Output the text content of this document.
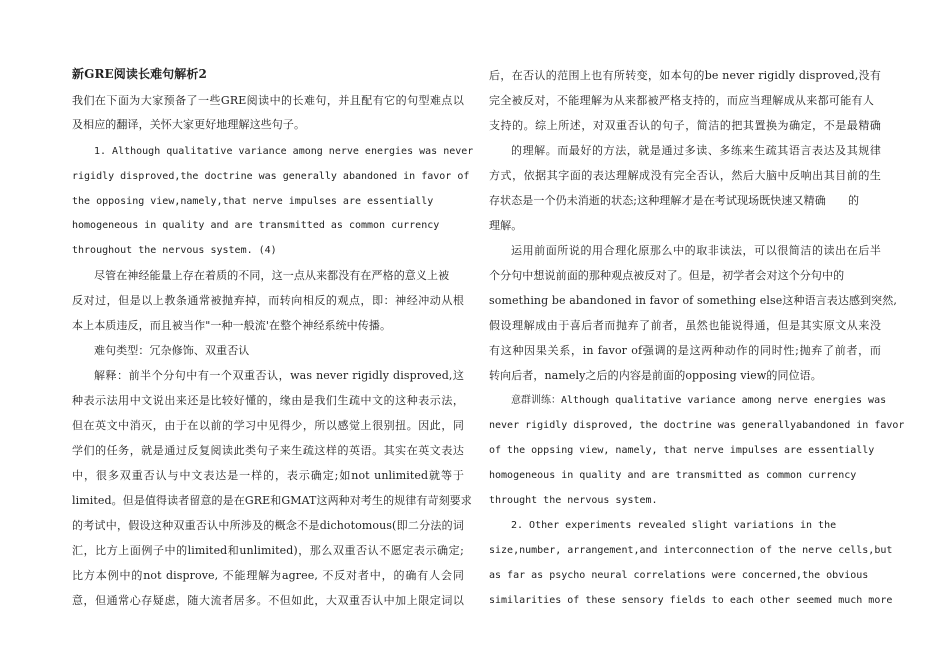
新GRE阅读长难句解析2
我们在下面为大家预备了一些GRE阅读中的长难句，并且配有它的句型难点以
及相应的翻译，关怀大家更好地理解这些句子。
1. Although qualitative variance among nerve energies was never
rigidly disproved,the doctrine was generally abandoned in favor of
the opposing view,namely,that nerve impulses are essentially
homogeneous in quality and are transmitted as common currency
throughout the nervous system. (4)
尽管在神经能量上存在着质的不同，这一点从来都没有在严格的意义上被
反对过，但是以上教条通常被抛弃掉，而转向相反的观点，即：神经冲动从根
本上本质违反，而且被当作"一种一般流'在整个神经系统中传播。
难句类型：冗杂修饰、双重否认
解释：前半个分句中有一个双重否认，was never rigidly disproved,这
种表示法用中文说出来还是比较好懂的，缘由是我们生疏中文的这种表示法，
但在英文中消灭，由于在以前的学习中见得少，所以感觉上很别扭。因此，同
学们的任务，就是通过反复阅读此类句子来生疏这样的英语。其实在英文表达
中，很多双重否认与中文表达是一样的，表示确定;如not unlimited就等于
limited。但是值得读者留意的是在GRE和GMAT这两种对考生的规律有苛刻要求
的考试中，假设这种双重否认中所涉及的概念不是dichotomous(即二分法的词
汇，比方上面例子中的limited和unlimited)，那么双重否认不愿定表示确定;
比方本例中的not disprove, 不能理解为agree, 不反对者中，的确有人会同
意，但通常心存疑虑，随大流者居多。不但如此，大双重否认中加上限定词以
后，在否认的范围上也有所转变，如本句的be never rigidly disproved,没有
完全被反对，不能理解为从来都被严格支持的，而应当理解成从来都可能有人
支持的。综上所述，对双重否认的句子，简洁的把其置换为确定，不是最精确
的理解。而最好的方法，就是通过多读、多练来生疏其语言表达及其规律
方式，依据其字面的表达理解成没有完全否认，然后大脑中反响出其目前的生
存状态是一个仍未消逝的状态;这种理解才是在考试现场既快速又精确　　的
理解。
运用前面所说的用合理化原那么中的取非读法，可以很简洁的读出在后半
个分句中想说前面的那种观点被反对了。但是，初学者会对这个分句中的
something be abandoned in favor of something else这种语言表达感到突然,
假设理解成由于喜后者而抛弃了前者，虽然也能说得通，但是其实原文从来没
有这种因果关系，in favor of强调的是这两种动作的同时性;抛弃了前者，而
转向后者，namely之后的内容是前面的opposing view的同位语。
意群训练：Although qualitative variance among nerve energies was
never rigidly disproved, the doctrine was generallyabandoned in favor
of the oppsing view, namely, that nerve impulses are essentially
homogeneous in quality and are transmitted as common currency
throught the nervous system.
2. Other experiments revealed slight variations in the
size,number, arrangement,and interconnection of the nerve cells,but
as far as psycho neural correlations were concerned,the obvious
similarities of these sensory fields to each other seemed much more
